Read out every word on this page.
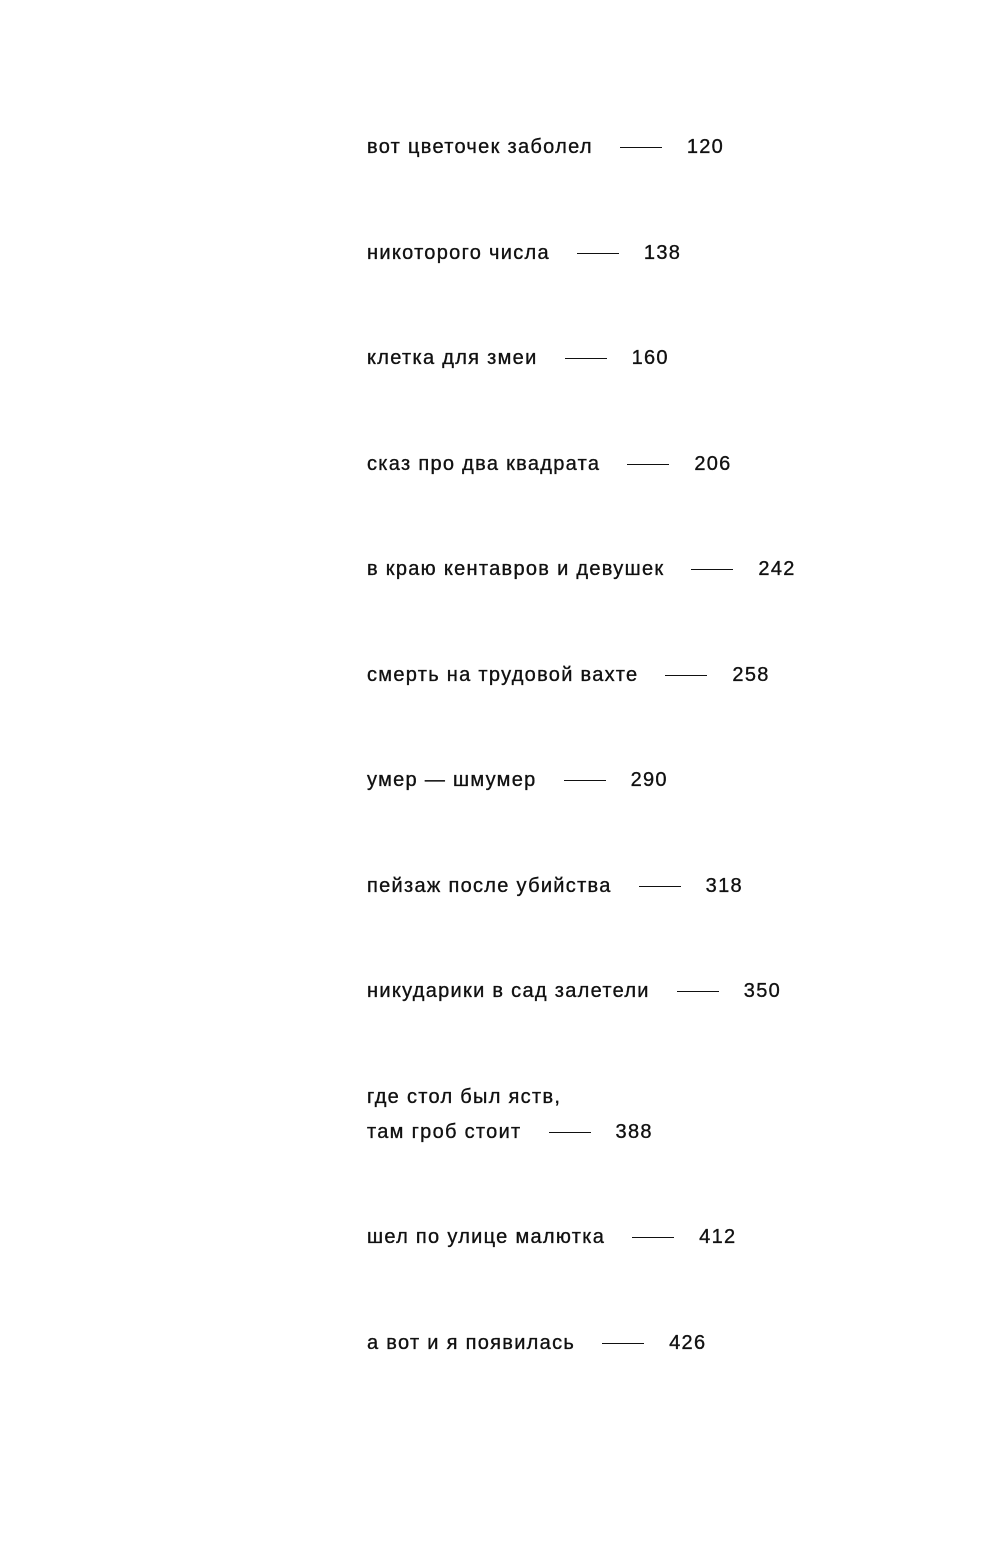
вот цветочек заболел	120
никоторого числа	138
клетка для змеи	160
сказ про два квадрата	206
в краю кентавров и девушек	242
смерть на трудовой вахте	258
умер — шмумер	290
пейзаж после убийства	318
никударики в сад залетели	350
где стол был яств,
там гроб стоит	388
шел по улице малютка	412
а вот и я появилась	426
